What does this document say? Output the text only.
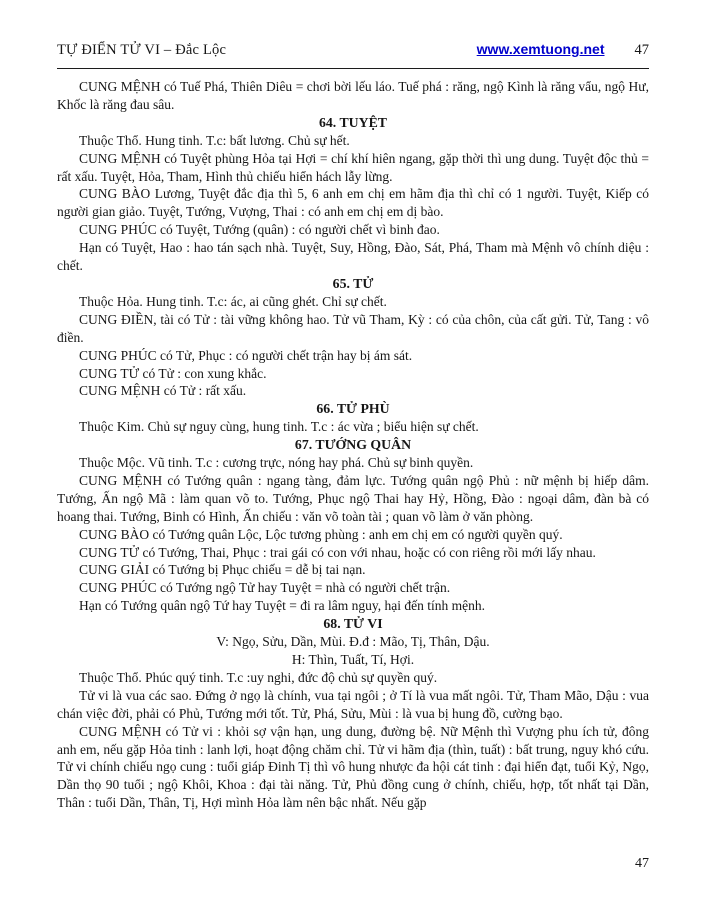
TỰ ĐIỂN TỬ VI – Đắc Lộc	www.xemtuong.net 47

CUNG MỆNH có Tuế Phá, Thiên Diêu = chơi bời lếu láo. Tuế phá : răng, ngộ Kình là răng vẩu, ngộ Hư, Khốc là răng đau sâu.

64. TUYỆT

Thuộc Thổ. Hung tinh. T.c: bất lương. Chủ sự hết.

CUNG MỆNH có Tuyệt phùng Hỏa tại Hợi = chí khí hiên ngang, gặp thời thì ung dung. Tuyệt độc thủ = rất xấu. Tuyệt, Hỏa, Tham, Hình thủ chiếu hiển hách lẫy lừng.

CUNG BÀO Lương, Tuyệt đắc địa thì 5, 6 anh em chị em hãm địa thì chỉ có 1 người. Tuyệt, Kiếp có người gian giảo. Tuyệt, Tướng, Vượng, Thai : có anh em chị em dị bào.

CUNG PHÚC có Tuyệt, Tướng (quân) : có người chết vì binh đao.

Hạn có Tuyệt, Hao : hao tán sạch nhà. Tuyệt, Suy, Hồng, Đào, Sát, Phá, Tham mà Mệnh vô chính diệu : chết.

65. TỬ

Thuộc Hỏa. Hung tinh. T.c: ác, ai cũng ghét. Chỉ sự chết.

CUNG ĐIỀN, tài có Tử : tài vững không hao. Tử vũ Tham, Kỳ : có của chôn, của cất gửi. Tử, Tang : vô điền.

CUNG PHÚC có Tử, Phục : có người chết trận hay bị ám sát.

CUNG TỬ có Tử : con xung khắc.

CUNG MỆNH có Tử : rất xấu.

66. TỬ PHÙ

Thuộc Kim. Chủ sự nguy cùng, hung tinh. T.c : ác vừa ; biểu hiện sự chết.

67. TƯỚNG QUÂN

Thuộc Mộc. Vũ tinh. T.c : cương trực, nóng hay phá. Chủ sự binh quyền.

CUNG MỆNH có Tướng quân : ngang tàng, đảm lực. Tướng quân ngộ Phủ : nữ mệnh bị hiếp dâm. Tướng, Ấn ngộ Mã : làm quan võ to. Tướng, Phục ngộ Thai hay Hỷ, Hồng, Đào : ngoại dâm, đàn bà có hoang thai. Tướng, Binh có Hình, Ấn chiếu : văn võ toàn tài ; quan võ làm ở văn phòng.

CUNG BÀO có Tướng quân Lộc, Lộc tương phùng : anh em chị em có người quyền quý.

CUNG TỬ có Tướng, Thai, Phục : trai gái có con với nhau, hoặc có con riêng rồi mới lấy nhau.

CUNG GIẢI có Tướng bị Phục chiếu = dễ bị tai nạn.

CUNG PHÚC có Tướng ngộ Tử hay Tuyệt = nhà có người chết trận.

Hạn có Tướng quân ngộ Tứ hay Tuyệt = đi ra lâm nguy, hại đến tính mệnh.

68. TỬ VI

V: Ngọ, Sửu, Dần, Mùi. Đ.đ : Mão, Tị, Thân, Dậu.

H: Thìn, Tuất, Tí, Hợi.

Thuộc Thổ. Phúc quý tinh. T.c :uy nghi, đức độ chủ sự quyền quý.

Tử vi là vua các sao. Đứng ở ngọ là chính, vua tại ngôi ; ở Tí là vua mất ngôi. Tử, Tham Mão, Dậu : vua chán việc đời, phải có Phủ, Tướng mới tốt. Tử, Phá, Sửu, Mùi : là vua bị hung đồ, cường bạo.

CUNG MỆNH có Tử vi : khỏi sợ vận hạn, ung dung, đường bệ. Nữ Mệnh thì Vượng phu ích tử, đông anh em, nếu gặp Hỏa tinh : lanh lợi, hoạt động chăm chỉ. Tử vi hãm địa (thìn, tuất) : bất trung, nguy khó cứu. Tử vi chính chiếu ngọ cung : tuổi giáp Đinh Tị thì vô hung nhược đa hội cát tinh : đại hiển đạt, tuổi Kỷ, Ngọ, Dần thọ 90 tuổi ; ngộ Khôi, Khoa : đại tài năng. Tử, Phủ đồng cung ở chính, chiếu, hợp, tốt nhất tại Dần, Thân : tuổi Dần, Thân, Tị, Hợi mình Hỏa làm nên bậc nhất. Nếu gặp

47
